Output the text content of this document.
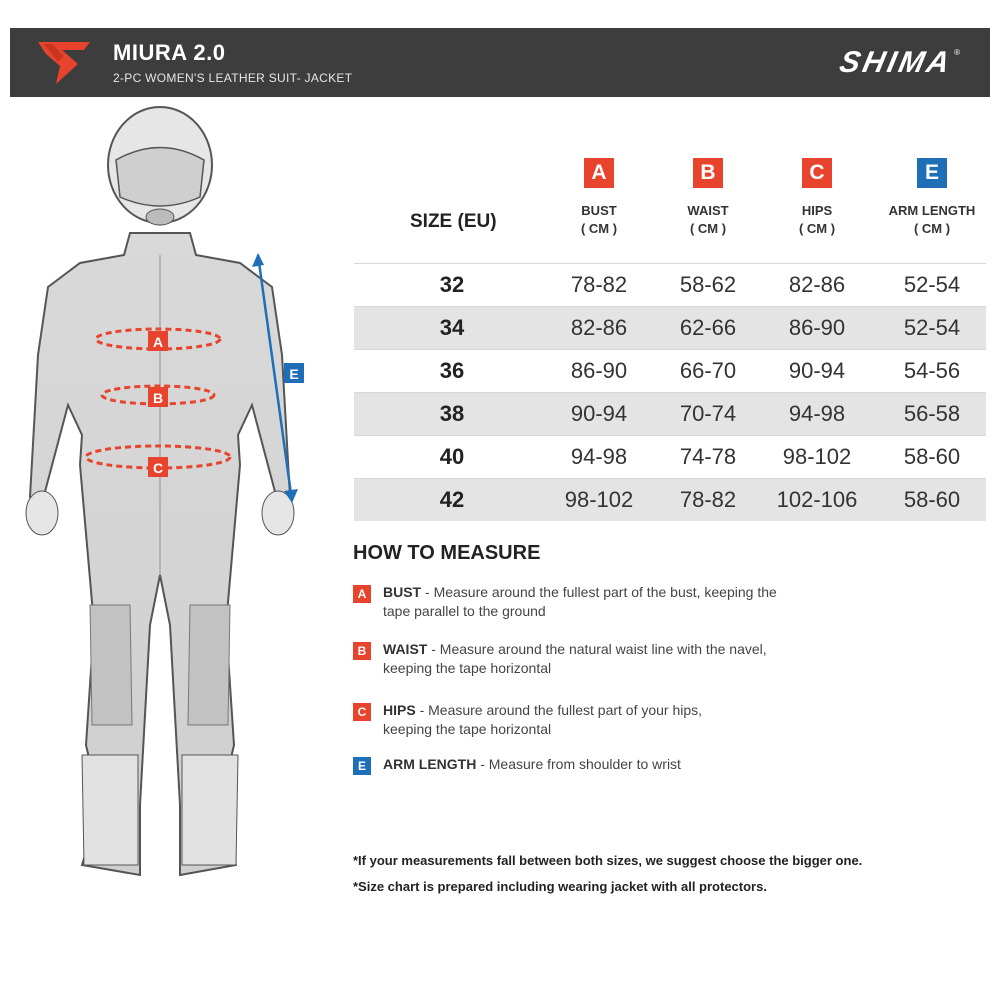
MIURA 2.0
2-PC WOMEN'S LEATHER SUIT- JACKET	SHIMA
®
A
B
C
E
SIZE (EU)
A
BUST
( CM )
B
WAIST
( CM )
C
HIPS
( CM )
E
ARM LENGTH
( CM )
32	78-82	58-62	82-86	52-54
34	82-86	62-66	86-90	52-54
36	86-90	66-70	90-94	54-56
38	90-94	70-74	94-98	56-58
40	94-98	74-78	98-102	58-60
42	98-102	78-82	102-106	58-60
HOW TO MEASURE
A	BUST - Measure around the fullest part of the bust, keeping the
tape parallel to the ground
B	WAIST - Measure around the natural waist line with the navel,
keeping the tape horizontal
C	HIPS - Measure around the fullest part of your hips,
keeping the tape horizontal
E	ARM LENGTH - Measure from shoulder to wrist
*If your measurements fall between both sizes, we suggest choose the bigger one.
*Size chart is prepared including wearing jacket with all protectors.
